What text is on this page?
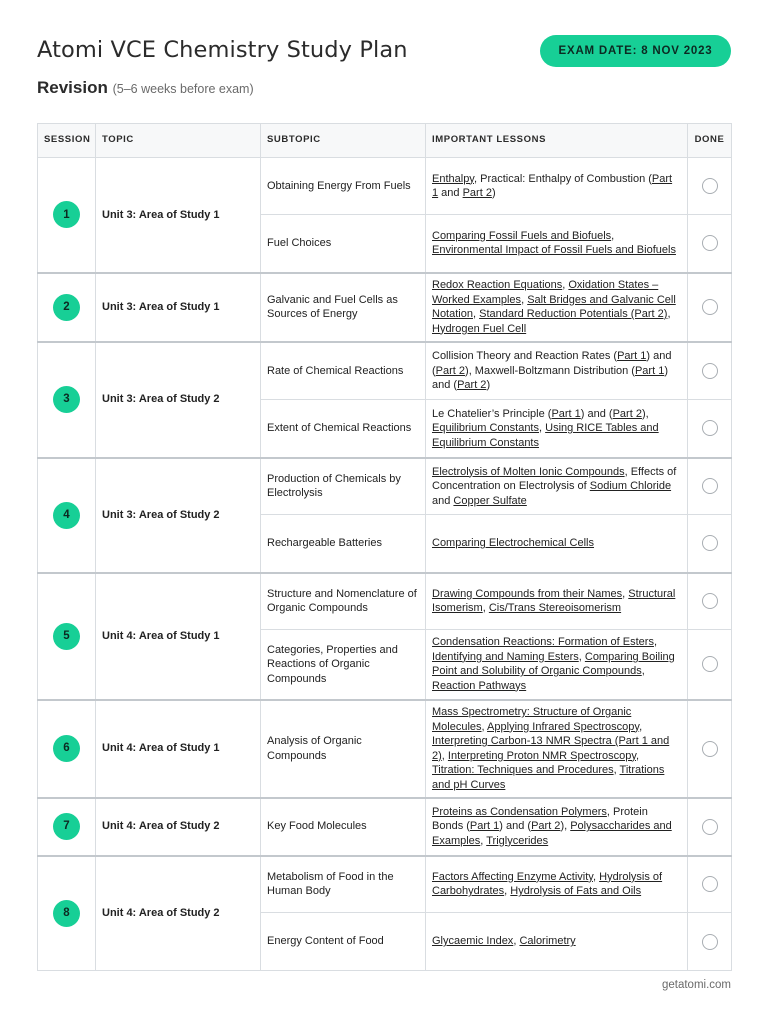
Atomi VCE Chemistry Study Plan	EXAM DATE: 8 NOV 2023
Revision (5–6 weeks before exam)
SESSION	TOPIC	SUBTOPIC	IMPORTANT LESSONS	DONE
1	Unit 3: Area of Study 1	Obtaining Energy From Fuels	Enthalpy, Practical: Enthalpy of Combustion (Part 1 and Part 2)	
		Fuel Choices	Comparing Fossil Fuels and Biofuels, Environmental Impact of Fossil Fuels and Biofuels	
2	Unit 3: Area of Study 1	Galvanic and Fuel Cells as Sources of Energy	Redox Reaction Equations, Oxidation States – Worked Examples, Salt Bridges and Galvanic Cell Notation, Standard Reduction Potentials (Part 2), Hydrogen Fuel Cell	
3	Unit 3: Area of Study 2	Rate of Chemical Reactions	Collision Theory and Reaction Rates (Part 1) and (Part 2), Maxwell-Boltzmann Distribution (Part 1) and (Part 2)	
		Extent of Chemical Reactions	Le Chatelier’s Principle (Part 1) and (Part 2), Equilibrium Constants, Using RICE Tables and Equilibrium Constants	
4	Unit 3: Area of Study 2	Production of Chemicals by Electrolysis	Electrolysis of Molten Ionic Compounds, Effects of Concentration on Electrolysis of Sodium Chloride and Copper Sulfate	
		Rechargeable Batteries	Comparing Electrochemical Cells	
5	Unit 4: Area of Study 1	Structure and Nomenclature of Organic Compounds	Drawing Compounds from their Names, Structural Isomerism, Cis/Trans Stereoisomerism	
		Categories, Properties and Reactions of Organic Compounds	Condensation Reactions: Formation of Esters, Identifying and Naming Esters, Comparing Boiling Point and Solubility of Organic Compounds, Reaction Pathways	
6	Unit 4: Area of Study 1	Analysis of Organic Compounds	Mass Spectrometry: Structure of Organic Molecules, Applying Infrared Spectroscopy, Interpreting Carbon-13 NMR Spectra (Part 1 and 2), Interpreting Proton NMR Spectroscopy, Titration: Techniques and Procedures, Titrations and pH Curves	
7	Unit 4: Area of Study 2	Key Food Molecules	Proteins as Condensation Polymers, Protein Bonds (Part 1) and (Part 2), Polysaccharides and Examples, Triglycerides	
8	Unit 4: Area of Study 2	Metabolism of Food in the Human Body	Factors Affecting Enzyme Activity, Hydrolysis of Carbohydrates, Hydrolysis of Fats and Oils	
		Energy Content of Food	Glycaemic Index, Calorimetry	
getatomi.com
